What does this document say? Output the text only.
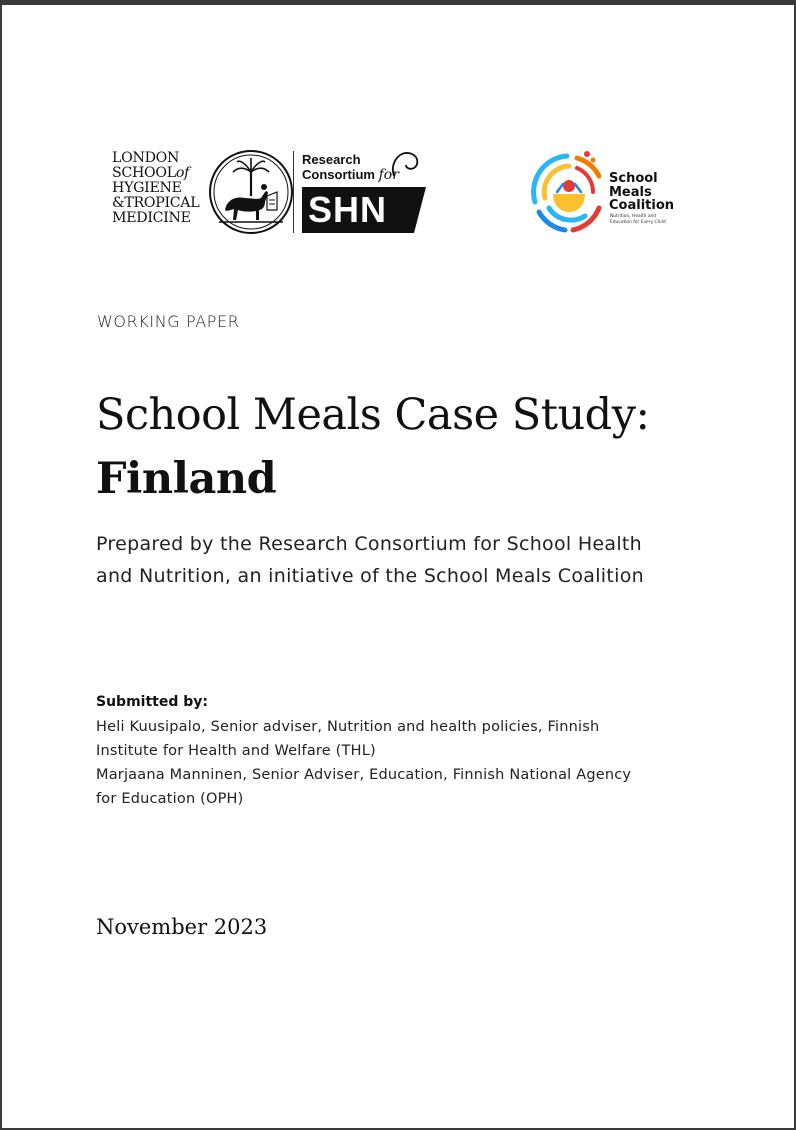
LONDON
SCHOOLof
HYGIENE
&TROPICAL
MEDICINE
Research
Consortium for
SHN
School
Meals
Coalition
Nutrition, Health and
Education for Every Child
WORKING PAPER
School Meals Case Study:
Finland
Prepared by the Research Consortium for School Health
and Nutrition, an initiative of the School Meals Coalition
Submitted by:
Heli Kuusipalo, Senior adviser, Nutrition and health policies, Finnish
Institute for Health and Welfare (THL)
Marjaana Manninen, Senior Adviser, Education, Finnish National Agency
for Education (OPH)
November 2023
